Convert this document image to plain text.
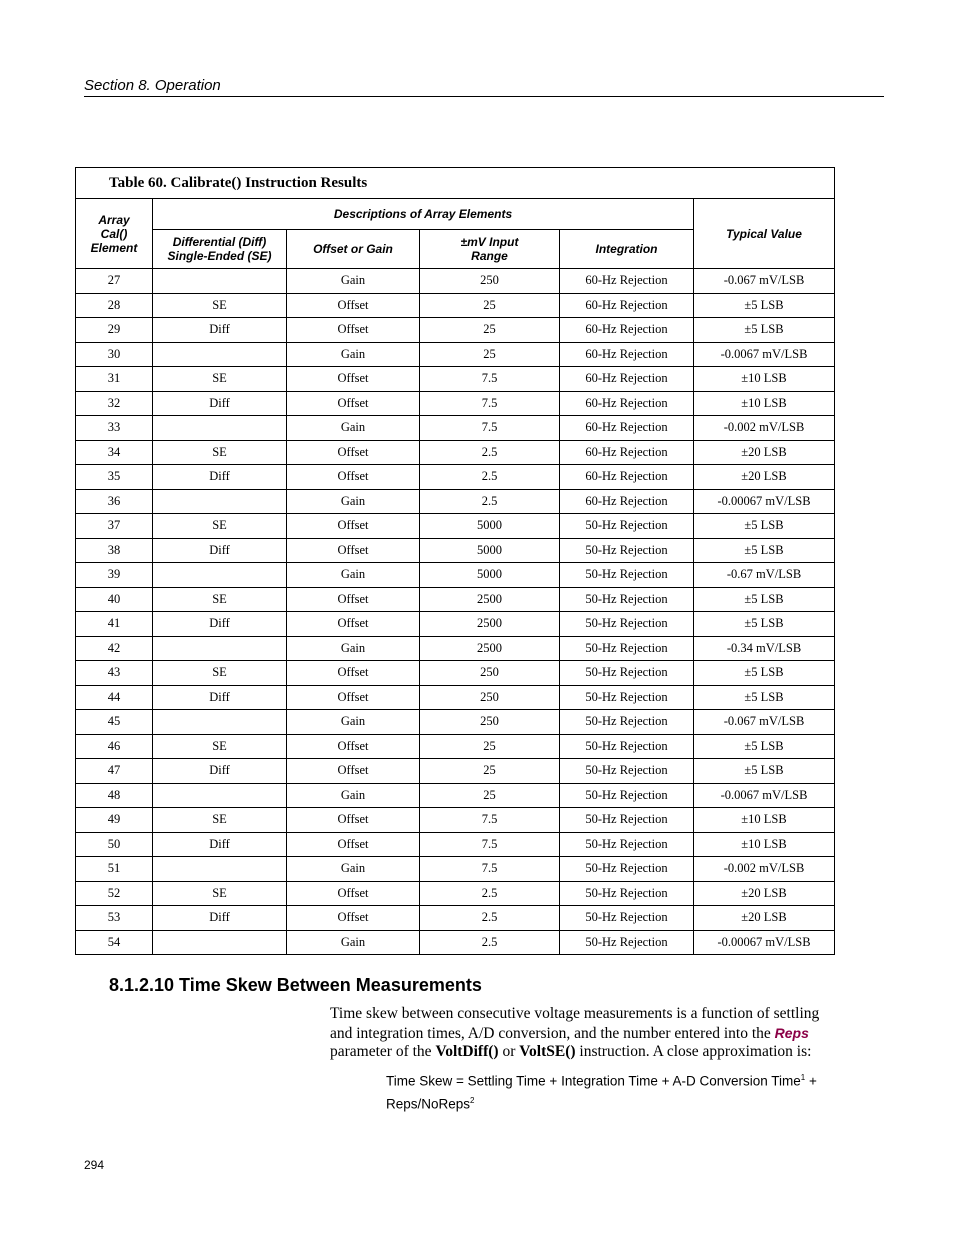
Section 8. Operation
Table 60. Calibrate() Instruction Results					
Array Cal() Element	Descriptions of Array Elements				Typical Value
	Differential (Diff) Single-Ended (SE)	Offset or Gain	±mV Input Range	Integration	
27		Gain	250	60-Hz Rejection	-0.067 mV/LSB
28	SE	Offset	25	60-Hz Rejection	±5 LSB
29	Diff	Offset	25	60-Hz Rejection	±5 LSB
30		Gain	25	60-Hz Rejection	-0.0067 mV/LSB
31	SE	Offset	7.5	60-Hz Rejection	±10 LSB
32	Diff	Offset	7.5	60-Hz Rejection	±10 LSB
33		Gain	7.5	60-Hz Rejection	-0.002 mV/LSB
34	SE	Offset	2.5	60-Hz Rejection	±20 LSB
35	Diff	Offset	2.5	60-Hz Rejection	±20 LSB
36		Gain	2.5	60-Hz Rejection	-0.00067 mV/LSB
37	SE	Offset	5000	50-Hz Rejection	±5 LSB
38	Diff	Offset	5000	50-Hz Rejection	±5 LSB
39		Gain	5000	50-Hz Rejection	-0.67 mV/LSB
40	SE	Offset	2500	50-Hz Rejection	±5 LSB
41	Diff	Offset	2500	50-Hz Rejection	±5 LSB
42		Gain	2500	50-Hz Rejection	-0.34 mV/LSB
43	SE	Offset	250	50-Hz Rejection	±5 LSB
44	Diff	Offset	250	50-Hz Rejection	±5 LSB
45		Gain	250	50-Hz Rejection	-0.067 mV/LSB
46	SE	Offset	25	50-Hz Rejection	±5 LSB
47	Diff	Offset	25	50-Hz Rejection	±5 LSB
48		Gain	25	50-Hz Rejection	-0.0067 mV/LSB
49	SE	Offset	7.5	50-Hz Rejection	±10 LSB
50	Diff	Offset	7.5	50-Hz Rejection	±10 LSB
51		Gain	7.5	50-Hz Rejection	-0.002 mV/LSB
52	SE	Offset	2.5	50-Hz Rejection	±20 LSB
53	Diff	Offset	2.5	50-Hz Rejection	±20 LSB
54		Gain	2.5	50-Hz Rejection	-0.00067 mV/LSB
8.1.2.10 Time Skew Between Measurements
Time skew between consecutive voltage measurements is a function of settling and integration times, A/D conversion, and the number entered into the Reps parameter of the VoltDiff() or VoltSE() instruction. A close approximation is:
Time Skew = Settling Time + Integration Time + A-D Conversion Time$^1$ + Reps/NoReps$^2$
294
